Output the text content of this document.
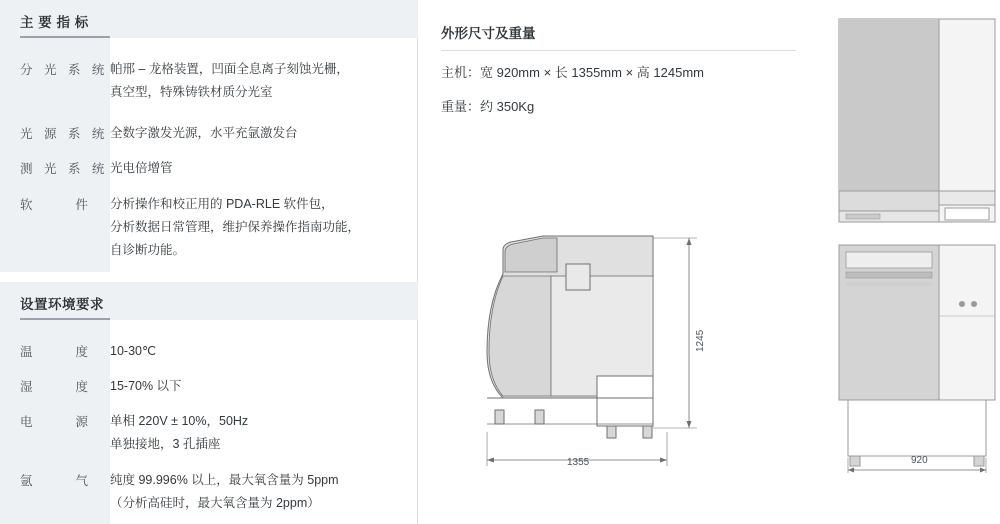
主 要 指 标
分 光 系 统 帕邢 – 龙格装置，凹面全息离子刻蚀光栅，
真空型，特殊铸铁材质分光室
光 源 系 统 全数字激发光源，水平充氩激发台
测 光 系 统 光电倍增管
软	件 分析操作和校正用的 PDA-RLE 软件包，
分析数据日常管理，维护保养操作指南功能，
自诊断功能。
设置环境要求
温	度 10-30℃
湿	度 15-70% 以下
电	源 单相 220V ± 10%，50Hz
单独接地，3 孔插座
氩	气 纯度 99.996% 以上，最大氧含量为 5ppm
（分析高硅时，最大氧含量为 2ppm）
外形尺寸及重量
主机：宽 920mm × 长 1355mm × 高 1245mm
重量：约 350Kg
920
1245
1355
